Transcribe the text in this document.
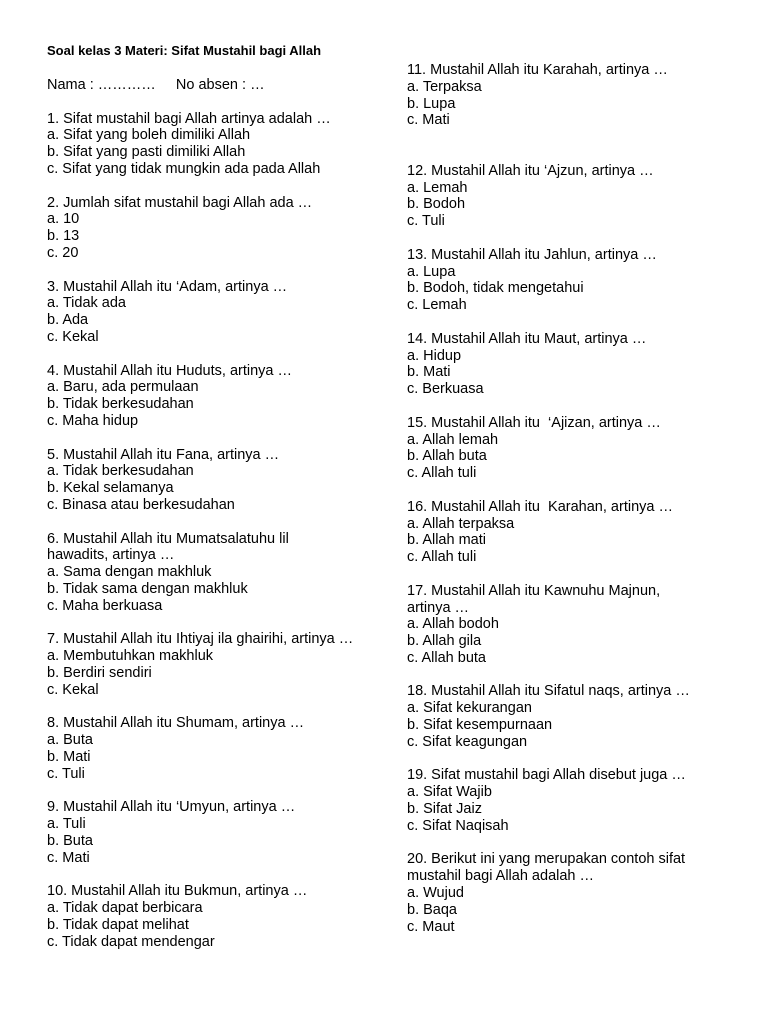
Soal kelas 3 Materi: Sifat Mustahil bagi Allah
Nama : …………     No absen : …
1. Sifat mustahil bagi Allah artinya adalah …
a. Sifat yang boleh dimiliki Allah
b. Sifat yang pasti dimiliki Allah
c. Sifat yang tidak mungkin ada pada Allah
2. Jumlah sifat mustahil bagi Allah ada …
a. 10
b. 13
c. 20
3. Mustahil Allah itu ‘Adam, artinya …
a. Tidak ada
b. Ada
c. Kekal
4. Mustahil Allah itu Huduts, artinya …
a. Baru, ada permulaan
b. Tidak berkesudahan
c. Maha hidup
5. Mustahil Allah itu Fana, artinya …
a. Tidak berkesudahan
b. Kekal selamanya
c. Binasa atau berkesudahan
6. Mustahil Allah itu Mumatsalatuhu lil hawadits, artinya …
a. Sama dengan makhluk
b. Tidak sama dengan makhluk
c. Maha berkuasa
7. Mustahil Allah itu Ihtiyaj ila ghairihi, artinya …
a. Membutuhkan makhluk
b. Berdiri sendiri
c. Kekal
8. Mustahil Allah itu Shumam, artinya …
a. Buta
b. Mati
c. Tuli
9. Mustahil Allah itu ‘Umyun, artinya …
a. Tuli
b. Buta
c. Mati
10. Mustahil Allah itu Bukmun, artinya …
a. Tidak dapat berbicara
b. Tidak dapat melihat
c. Tidak dapat mendengar
11. Mustahil Allah itu Karahah, artinya …
a. Terpaksa
b. Lupa
c. Mati
12. Mustahil Allah itu ‘Ajzun, artinya …
a. Lemah
b. Bodoh
c. Tuli
13. Mustahil Allah itu Jahlun, artinya …
a. Lupa
b. Bodoh, tidak mengetahui
c. Lemah
14. Mustahil Allah itu Maut, artinya …
a. Hidup
b. Mati
c. Berkuasa
15. Mustahil Allah itu  ‘Ajizan, artinya …
a. Allah lemah
b. Allah buta
c. Allah tuli
16. Mustahil Allah itu  Karahan, artinya …
a. Allah terpaksa
b. Allah mati
c. Allah tuli
17. Mustahil Allah itu Kawnuhu Majnun, artinya …
a. Allah bodoh
b. Allah gila
c. Allah buta
18. Mustahil Allah itu Sifatul naqs, artinya …
a. Sifat kekurangan
b. Sifat kesempurnaan
c. Sifat keagungan
19. Sifat mustahil bagi Allah disebut juga …
a. Sifat Wajib
b. Sifat Jaiz
c. Sifat Naqisah
20. Berikut ini yang merupakan contoh sifat mustahil bagi Allah adalah …
a. Wujud
b. Baqa
c. Maut
